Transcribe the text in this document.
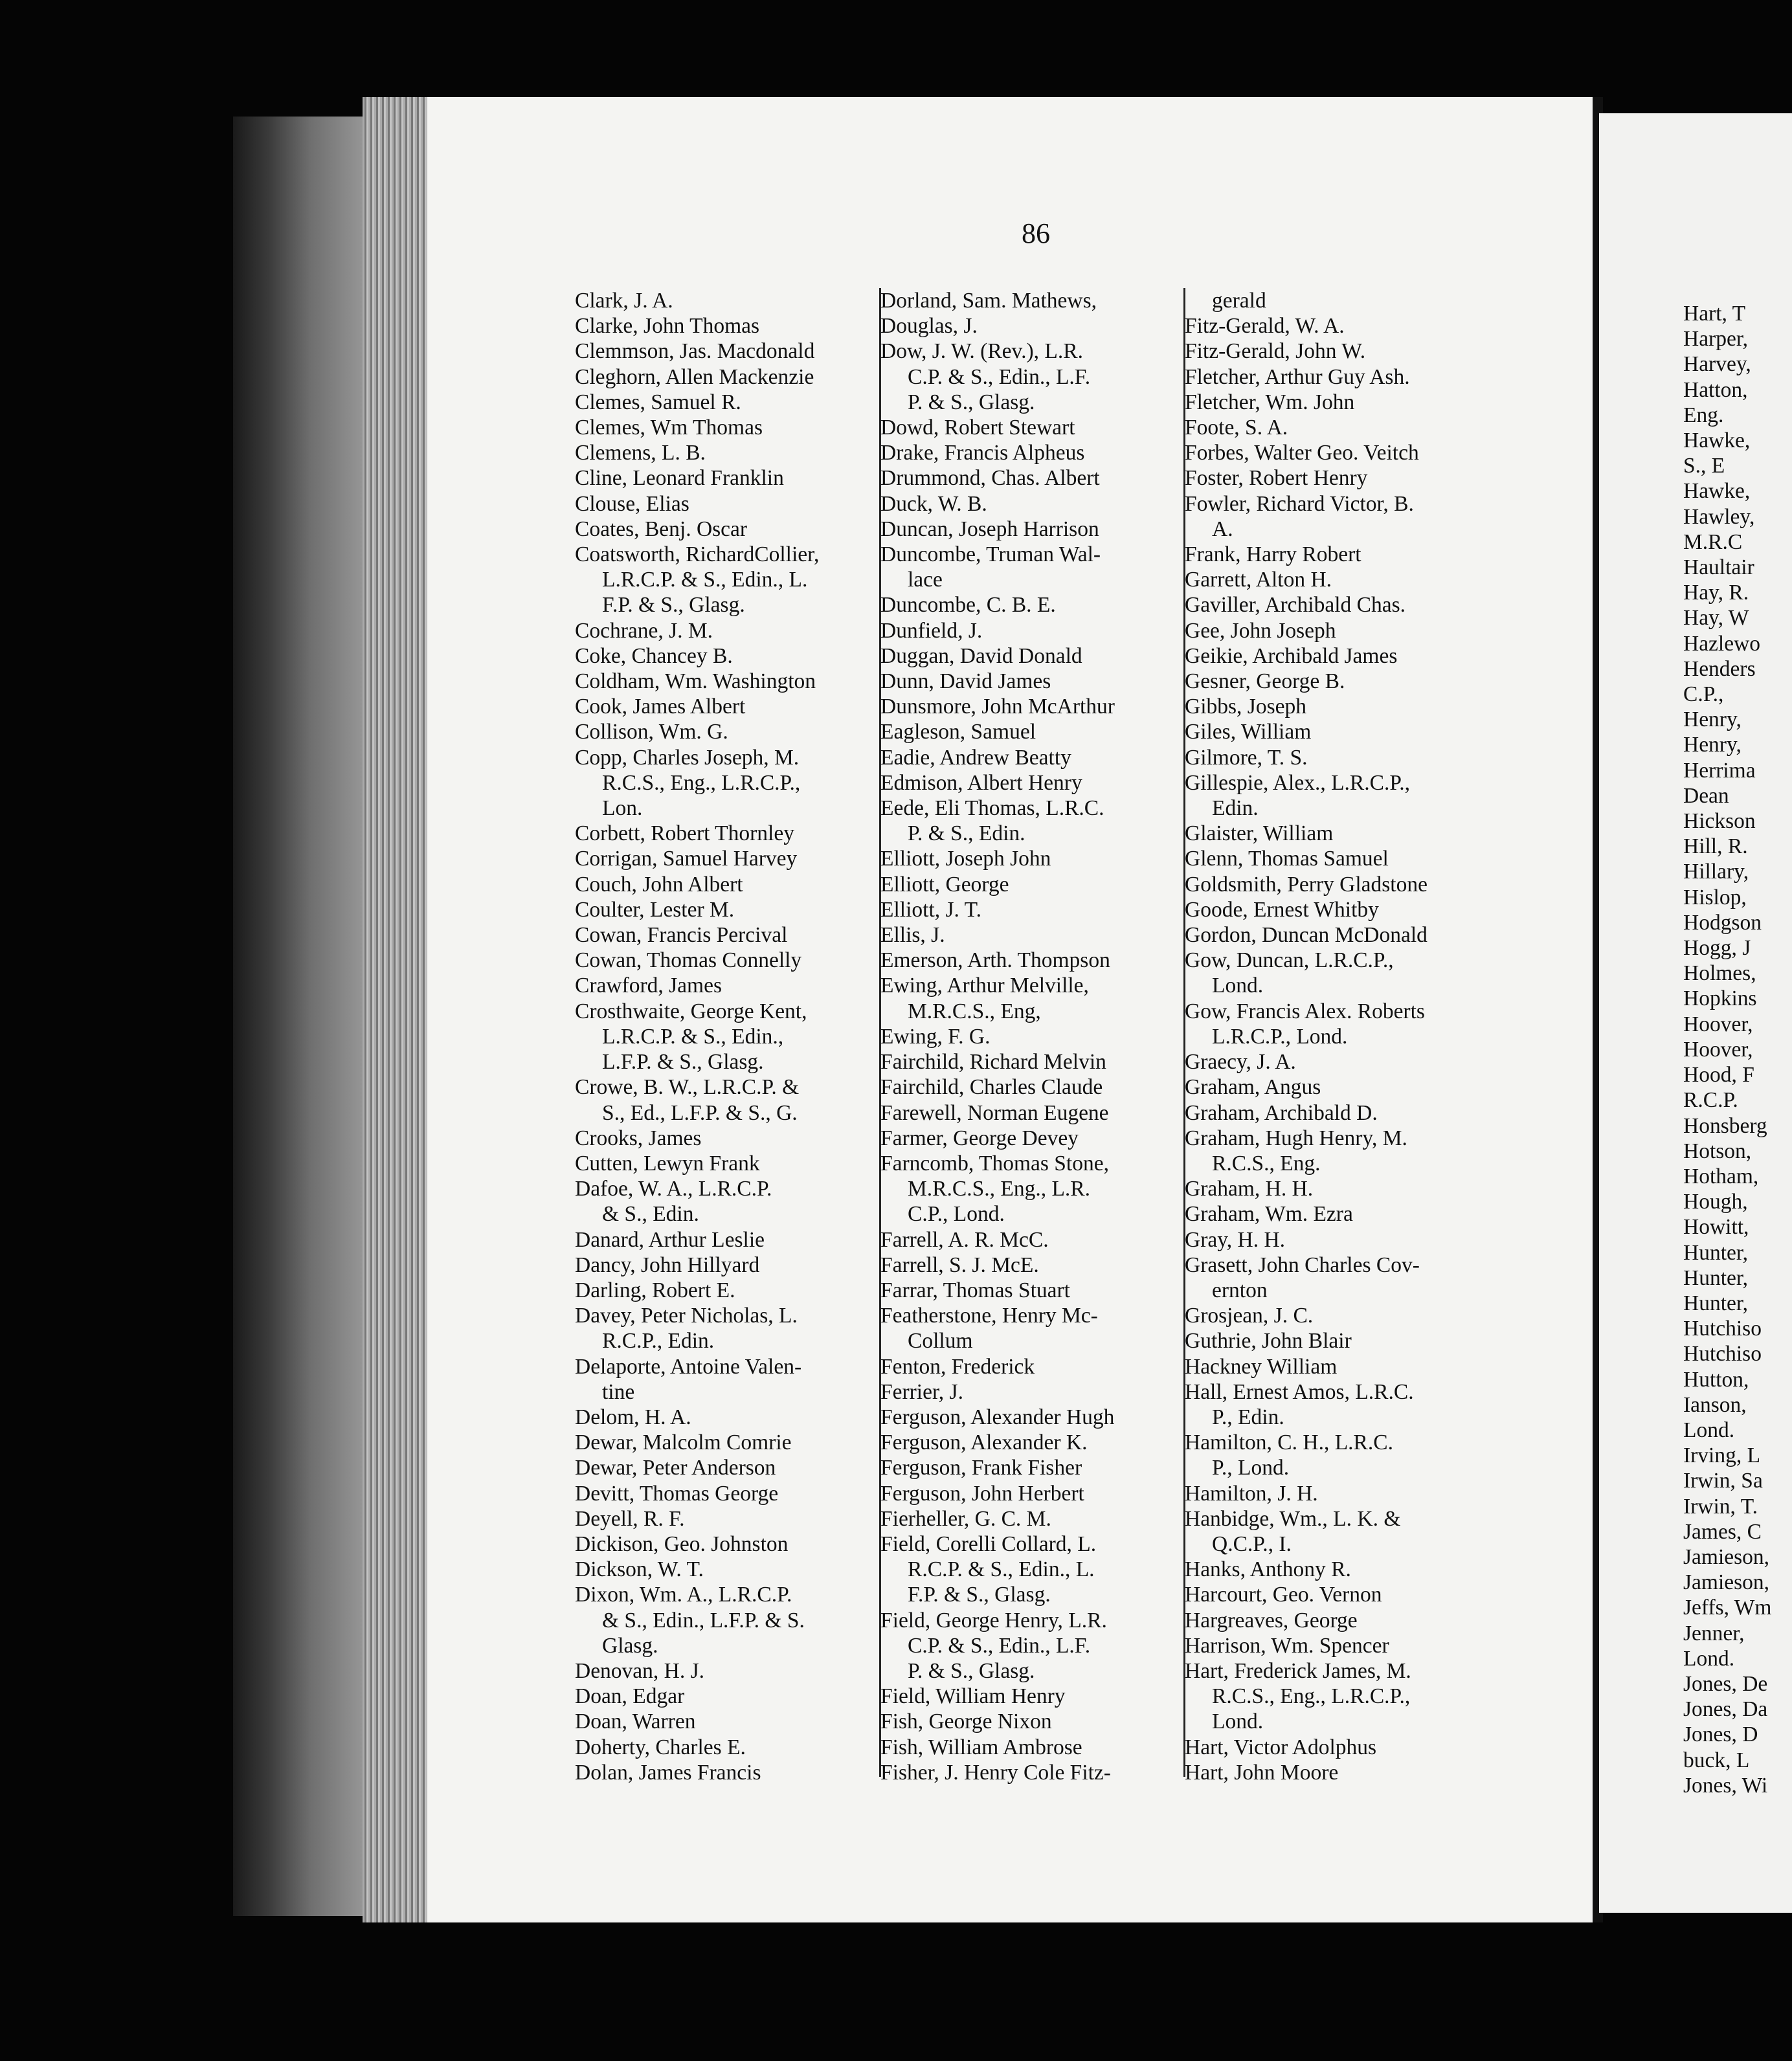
86
Clark, J. A.
Clarke, John Thomas
Clemmson, Jas. Macdonald
Cleghorn, Allen Mackenzie
Clemes, Samuel R.
Clemes, Wm Thomas
Clemens, L. B.
Cline, Leonard Franklin
Clouse, Elias
Coates, Benj. Oscar
Coatsworth, RichardCollier,
L.R.C.P. & S., Edin., L.
F.P. & S., Glasg.
Cochrane, J. M.
Coke, Chancey B.
Coldham, Wm. Washington
Cook, James Albert
Collison, Wm. G.
Copp, Charles Joseph, M.
R.C.S., Eng., L.R.C.P.,
Lon.
Corbett, Robert Thornley
Corrigan, Samuel Harvey
Couch, John Albert
Coulter, Lester M.
Cowan, Francis Percival
Cowan, Thomas Connelly
Crawford, James
Crosthwaite, George Kent,
L.R.C.P. & S., Edin.,
L.F.P. & S., Glasg.
Crowe, B. W., L.R.C.P. &
S., Ed., L.F.P. & S., G.
Crooks, James
Cutten, Lewyn Frank
Dafoe, W. A., L.R.C.P.
& S., Edin.
Danard, Arthur Leslie
Dancy, John Hillyard
Darling, Robert E.
Davey, Peter Nicholas, L.
R.C.P., Edin.
Delaporte, Antoine Valen-
tine
Delom, H. A.
Dewar, Malcolm Comrie
Dewar, Peter Anderson
Devitt, Thomas George
Deyell, R. F.
Dickison, Geo. Johnston
Dickson, W. T.
Dixon, Wm. A., L.R.C.P.
& S., Edin., L.F.P. & S.
Glasg.
Denovan, H. J.
Doan, Edgar
Doan, Warren
Doherty, Charles E.
Dolan, James Francis
Dorland, Sam. Mathews,
Douglas, J.
Dow, J. W. (Rev.), L.R.
C.P. & S., Edin., L.F.
P. & S., Glasg.
Dowd, Robert Stewart
Drake, Francis Alpheus
Drummond, Chas. Albert
Duck, W. B.
Duncan, Joseph Harrison
Duncombe, Truman Wal-
lace
Duncombe, C. B. E.
Dunfield, J.
Duggan, David Donald
Dunn, David James
Dunsmore, John McArthur
Eagleson, Samuel
Eadie, Andrew Beatty
Edmison, Albert Henry
Eede, Eli Thomas, L.R.C.
P. & S., Edin.
Elliott, Joseph John
Elliott, George
Elliott, J. T.
Ellis, J.
Emerson, Arth. Thompson
Ewing, Arthur Melville,
M.R.C.S., Eng,
Ewing, F. G.
Fairchild, Richard Melvin
Fairchild, Charles Claude
Farewell, Norman Eugene
Farmer, George Devey
Farncomb, Thomas Stone,
M.R.C.S., Eng., L.R.
C.P., Lond.
Farrell, A. R. McC.
Farrell, S. J. McE.
Farrar, Thomas Stuart
Featherstone, Henry Mc-
Collum
Fenton, Frederick
Ferrier, J.
Ferguson, Alexander Hugh
Ferguson, Alexander K.
Ferguson, Frank Fisher
Ferguson, John Herbert
Fierheller, G. C. M.
Field, Corelli Collard, L.
R.C.P. & S., Edin., L.
F.P. & S., Glasg.
Field, George Henry, L.R.
C.P. & S., Edin., L.F.
P. & S., Glasg.
Field, William Henry
Fish, George Nixon
Fish, William Ambrose
Fisher, J. Henry Cole Fitz-
gerald
Fitz-Gerald, W. A.
Fitz-Gerald, John W.
Fletcher, Arthur Guy Ash.
Fletcher, Wm. John
Foote, S. A.
Forbes, Walter Geo. Veitch
Foster, Robert Henry
Fowler, Richard Victor, B.
A.
Frank, Harry Robert
Garrett, Alton H.
Gaviller, Archibald Chas.
Gee, John Joseph
Geikie, Archibald James
Gesner, George B.
Gibbs, Joseph
Giles, William
Gilmore, T. S.
Gillespie, Alex., L.R.C.P.,
Edin.
Glaister, William
Glenn, Thomas Samuel
Goldsmith, Perry Gladstone
Goode, Ernest Whitby
Gordon, Duncan McDonald
Gow, Duncan, L.R.C.P.,
Lond.
Gow, Francis Alex. Roberts
L.R.C.P., Lond.
Graecy, J. A.
Graham, Angus
Graham, Archibald D.
Graham, Hugh Henry, M.
R.C.S., Eng.
Graham, H. H.
Graham, Wm. Ezra
Gray, H. H.
Grasett, John Charles Cov-
ernton
Grosjean, J. C.
Guthrie, John Blair
Hackney William
Hall, Ernest Amos, L.R.C.
P., Edin.
Hamilton, C. H., L.R.C.
P., Lond.
Hamilton, J. H.
Hanbidge, Wm., L. K. &
Q.C.P., I.
Hanks, Anthony R.
Harcourt, Geo. Vernon
Hargreaves, George
Harrison, Wm. Spencer
Hart, Frederick James, M.
R.C.S., Eng., L.R.C.P.,
Lond.
Hart, Victor Adolphus
Hart, John Moore
Hart, T
Harper,
Harvey,
Hatton,
Eng.
Hawke,
S., E
Hawke,
Hawley,
M.R.C
Haultair
Hay, R.
Hay, W
Hazlewo
Henders
C.P.,
Henry,
Henry,
Herrima
Dean
Hickson
Hill, R.
Hillary,
Hislop,
Hodgson
Hogg, J
Holmes,
Hopkins
Hoover,
Hoover,
Hood, F
R.C.P.
Honsberg
Hotson,
Hotham,
Hough,
Howitt,
Hunter,
Hunter,
Hunter,
Hutchiso
Hutchiso
Hutton,
Ianson,
Lond.
Irving, L
Irwin, Sa
Irwin, T.
James, C
Jamieson,
Jamieson,
Jeffs, Wm
Jenner,
Lond.
Jones, De
Jones, Da
Jones, D
buck, L
Jones, Wi
